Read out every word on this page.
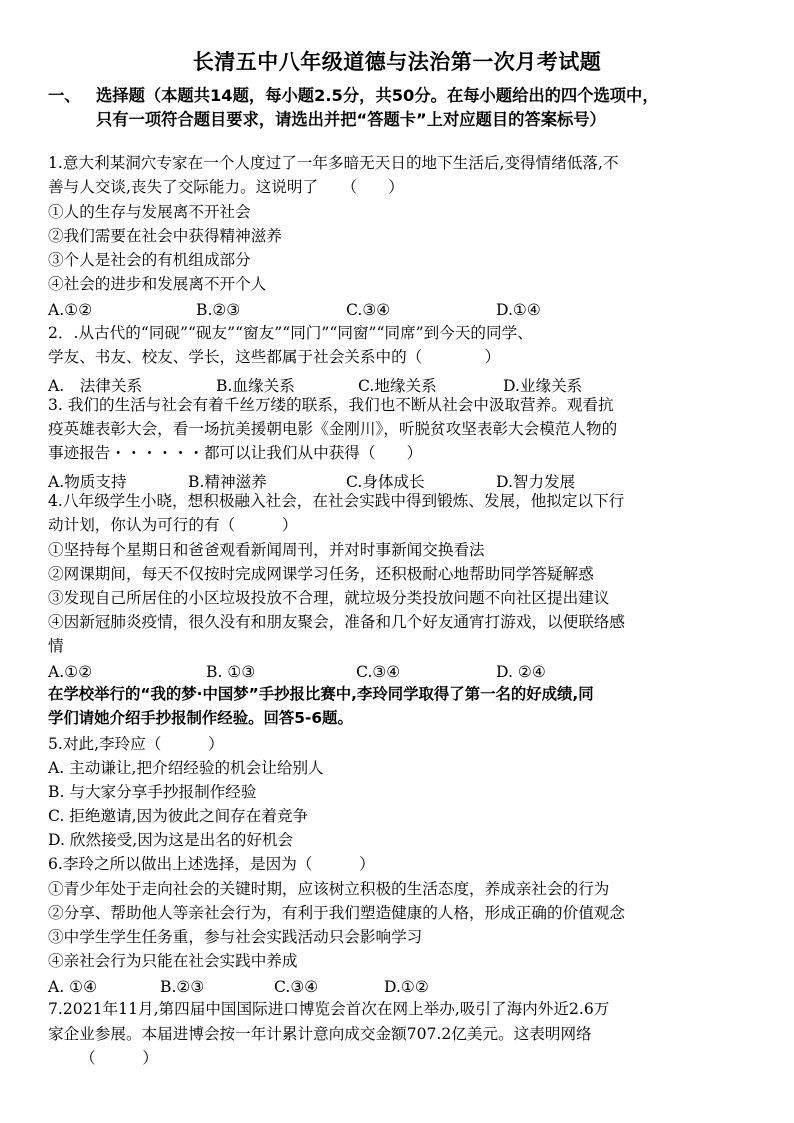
长清五中八年级道德与法治第一次月考试题
一、 选择题（本题共14题，每小题2.5分，共50分。在每小题给出的四个选项中，
只有一项符合题目要求，请选出并把“答题卡”上对应题目的答案标号）
1.意大利某洞穴专家在一个人度过了一年多暗无天日的地下生活后,变得情绪低落,不
善与人交谈,丧失了交际能力。这说明了　　（　　）
①人的生存与发展离不开社会
②我们需要在社会中获得精神滋养
③个人是社会的有机组成部分
④社会的进步和发展离不开个人
A.①②	B.②③	C.③④	D.①④
2．.从古代的“同砚”“砚友”“窗友”“同门”“同窗”“同席”到今天的同学、
学友、书友、校友、学长，这些都属于社会关系中的（　　　　）
A.　法律关系	B.血缘关系	C.地缘关系	D.业缘关系
3. 我们的生活与社会有着千丝万缕的联系，我们也不断从社会中汲取营养。观看抗
疫英雄表彰大会，看一场抗美援朝电影《金刚川》，听脱贫攻坚表彰大会模范人物的
事迹报告・・・・・・都可以让我们从中获得（　　）
A.物质支持	B.精神滋养	C.身体成长	D.智力发展
4.八年级学生小晓，想积极融入社会，在社会实践中得到锻炼、发展，他拟定以下行
动计划，你认为可行的有（　　　）
①坚持每个星期日和爸爸观看新闻周刊，并对时事新闻交换看法
②网课期间，每天不仅按时完成网课学习任务，还积极耐心地帮助同学答疑解惑
③发现自己所居住的小区垃圾投放不合理，就垃圾分类投放问题不向社区提出建议
④因新冠肺炎疫情，很久没有和朋友聚会，准备和几个好友通宵打游戏，以便联络感
情
A.①②	B. ①③	C.③④	D. ②④
在学校举行的“我的梦·中国梦”手抄报比赛中,李玲同学取得了第一名的好成绩,同
学们请她介绍手抄报制作经验。回答5-6题。
5.对此,李玲应（　　　）
A. 主动谦让,把介绍经验的机会让给别人
B. 与大家分享手抄报制作经验
C. 拒绝邀请,因为彼此之间存在着竞争
D. 欣然接受,因为这是出名的好机会
6.李玲之所以做出上述选择，是因为（　　　）
①青少年处于走向社会的关键时期，应该树立积极的生活态度，养成亲社会的行为
②分享、帮助他人等亲社会行为，有利于我们塑造健康的人格，形成正确的价值观念
③中学生学生任务重，参与社会实践活动只会影响学习
④亲社会行为只能在社会实践中养成
A. ①④	B.②③	C.③④	D.①②
7.2021年11月,第四届中国国际进口博览会首次在网上举办,吸引了海内外近2.6万
家企业参展。本届进博会按一年计累计意向成交金额707.2亿美元。这表明网络
（　　　）
